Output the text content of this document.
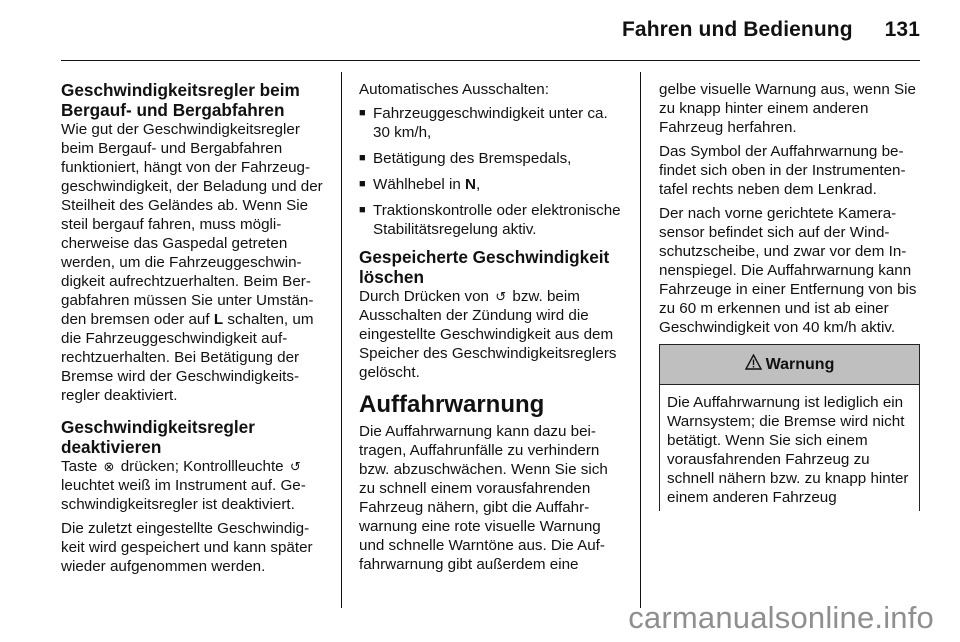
Fahren und Bedienung 131
Geschwindigkeitsregler beim Bergauf- und Bergabfahren

Wie gut der Geschwindigkeitsregler beim Bergauf- und Bergabfahren funktioniert, hängt von der Fahrzeuggeschwindigkeit, der Beladung und der Steilheit des Geländes ab. Wenn Sie steil bergauf fahren, muss möglicherweise das Gaspedal getreten werden, um die Fahrzeuggeschwindigkeit aufrechtzuerhalten. Beim Bergabfahren müssen Sie unter Umständen bremsen oder auf L schalten, um die Fahrzeuggeschwindigkeit aufrechtzuerhalten. Bei Betätigung der Bremse wird der Geschwindigkeitsregler deaktiviert.

Geschwindigkeitsregler deaktivieren

Taste ⊗ drücken; Kontrollleuchte ↺ leuchtet weiß im Instrument auf. Geschwindigkeitsregler ist deaktiviert.

Die zuletzt eingestellte Geschwindigkeit wird gespeichert und kann später wieder aufgenommen werden.

Automatisches Ausschalten:

■ Fahrzeuggeschwindigkeit unter ca. 30 km/h,
■ Betätigung des Bremspedals,
■ Wählhebel in N,
■ Traktionskontrolle oder elektronische Stabilitätsregelung aktiv.
Gespeicherte Geschwindigkeit löschen

Durch Drücken von ↺ bzw. beim Ausschalten der Zündung wird die eingestellte Geschwindigkeit aus dem Speicher des Geschwindigkeitsreglers gelöscht.

Auffahrwarnung

Die Auffahrwarnung kann dazu beitragen, Auffahrunfälle zu verhindern bzw. abzuschwächen. Wenn Sie sich zu schnell einem vorausfahrenden Fahrzeug nähern, gibt die Auffahrwarnung eine rote visuelle Warnung und schnelle Warntöne aus. Die Auffahrwarnung gibt außerdem eine

gelbe visuelle Warnung aus, wenn Sie zu knapp hinter einem anderen Fahrzeug herfahren.

Das Symbol der Auffahrwarnung befindet sich oben in der Instrumententafel rechts neben dem Lenkrad.

Der nach vorne gerichtete Kamerasensor befindet sich auf der Windschutzscheibe, und zwar vor dem Innenspiegel. Die Auffahrwarnung kann Fahrzeuge in einer Entfernung von bis zu 60 m erkennen und ist ab einer Geschwindigkeit von 40 km/h aktiv.

Warnung

Die Auffahrwarnung ist lediglich ein Warnsystem; die Bremse wird nicht betätigt. Wenn Sie sich einem vorausfahrenden Fahrzeug zu schnell nähern bzw. zu knapp hinter einem anderen Fahrzeug

carmanualsonline.info
